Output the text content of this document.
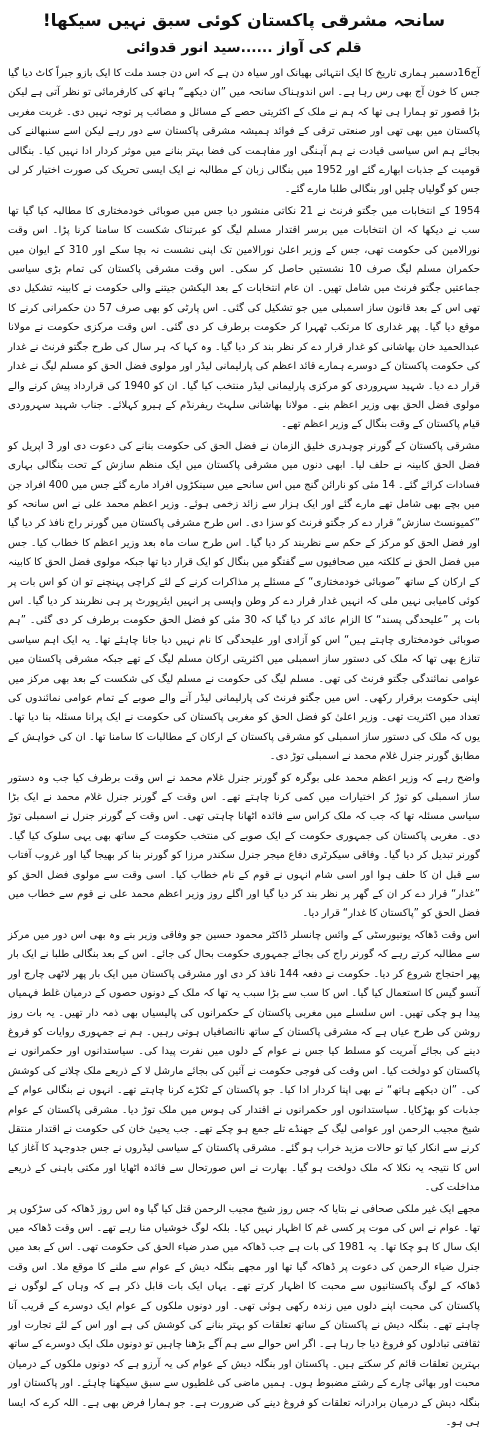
سانحہ مشرقی پاکستان کوئی سبق نہیں سیکھا!
قلم کی آواز ......سید انور قدوائی

آج16دسمبر ہماری تاریخ کا ایک انتہائی بھیانک اور سیاہ دن ہے کہ اس دن جسد ملت کا ایک بازو جبراً کاٹ دیا گیا جس کا خون آج بھی رس رہا ہے۔ اس اندوہناک سانحہ میں ”ان دیکھے“ ہاتھ کی کارفرمائی تو نظر آتی ہے لیکن بڑا قصور تو ہمارا ہی تھا کہ ہم نے ملک کے اکثریتی حصے کے مسائل و مصائب پر توجہ نہیں دی۔ غربت مغربی پاکستان میں بھی تھی اور صنعتی ترقی کے فوائد ہمیشہ مشرقی پاکستان سے دور رہے لیکن اسے سنبھالنے کی بجائے ہم اس سیاسی قیادت نے ہم آہنگی اور مفاہمت کی فضا بہتر بنانے میں موثر کردار ادا نہیں کیا۔ بنگالی قومیت کے جذبات ابھارے گئے اور 1952 میں بنگالی زبان کے مطالبہ نے ایک ایسی تحریک کی صورت اختیار کر لی جس کو گولیاں چلیں اور بنگالی طلبا مارے گئے۔

1954 کے انتخابات میں جگتو فرنٹ نے 21 نکاتی منشور دیا جس میں صوبائی خودمختاری کا مطالبہ کیا گیا تھا سب نے دیکھا کہ ان انتخابات میں برسر اقتدار مسلم لیگ کو عبرتناک شکست کا سامنا کرنا پڑا۔ اس وقت نورالامین کی حکومت تھی، جس کے وزیر اعلیٰ نورالامین تک اپنی نشست نہ بچا سکے اور 310 کے ایوان میں حکمران مسلم لیگ صرف 10 نشستیں حاصل کر سکی۔ اس وقت مشرقی پاکستان کی تمام بڑی سیاسی جماعتیں جگتو فرنٹ میں شامل تھیں۔ ان عام انتخابات کے بعد الیکشن جیتنے والی حکومت نے کابینہ تشکیل دی تھی اس کے بعد قانون ساز اسمبلی میں جو تشکیل کی گئی۔ اس پارٹی کو بھی صرف 57 دن حکمرانی کرنے کا موقع دیا گیا۔ پھر غداری کا مرتکب ٹھہرا کر حکومت برطرف کر دی گئی۔ اس وقت مرکزی حکومت نے مولانا عبدالحمید خان بھاشانی کو غدار قرار دے کر نظر بند کر دیا گیا۔ وہ کہا کہ ہر سال کی طرح جگتو فرنٹ نے غدار کی حکومت پاکستان کے دوسرے ہمارے قائد اعظم کی پارلیمانی لیڈر اور مولوی فضل الحق کو مسلم لیگ نے غدار قرار دے دیا۔ شہید سہروردی کو مرکزی پارلیمانی لیڈر منتخب کیا گیا۔ ان کو 1940 کی قرارداد پیش کرنے والے مولوی فضل الحق بھی وزیر اعظم بنے۔ مولانا بھاشانی سلہٹ ریفرنڈم کے ہیرو کہلائے۔ جناب شہید سہروردی قیام پاکستان کے وقت بنگال کے وزیر اعظم تھے۔

مشرقی پاکستان کے گورنر چوہدری خلیق الزمان نے فضل الحق کی حکومت بنانے کی دعوت دی اور 3 اپریل کو فضل الحق کابینہ نے حلف لیا۔ ابھی دنوں میں مشرقی پاکستان میں ایک منظم سازش کے تحت بنگالی بہاری فسادات کرائے گئے۔ 14 مئی کو نارائن گنج میں اس سانحے میں سینکڑوں افراد مارے گئے جس میں 400 افراد جن میں بچے بھی شامل تھے مارے گئے اور ایک ہزار سے زائد زخمی ہوئے۔ وزیر اعظم محمد علی نے اس سانحہ کو ”کمیونسٹ سازش“ قرار دے کر جگتو فرنٹ کو سزا دی۔ اس طرح مشرقی پاکستان میں گورنر راج نافذ کر دیا گیا اور فضل الحق کو مرکز کے حکم سے نظربند کر دیا گیا۔ اس طرح سات ماہ بعد وزیر اعظم کا خطاب کیا۔ جس میں فضل الحق نے کلکتہ میں صحافیوں سے گفتگو میں بنگال کو ایک قرار دیا تھا جبکہ مولوی فضل الحق کا کابینہ کے ارکان کے ساتھ ”صوبائی خودمختاری“ کے مسئلے پر مذاکرات کرنے کے لئے کراچی پہنچنے تو ان کو اس بات پر کوئی کامیابی نہیں ملی کہ انہیں غدار قرار دے کر وطن واپسی پر انہیں ایئرپورٹ پر ہی نظربند کر دیا گیا۔ اس بات پر ”علیحدگی پسند“ کا الزام عائد کر دیا گیا کہ 30 مئی کو فضل الحق حکومت برطرف کر دی گئی۔ ”ہم صوبائی خودمختاری چاہتے ہیں“ اس کو آزادی اور علیحدگی کا نام نہیں دیا جانا چاہئے تھا۔ یہ ایک اہم سیاسی تنازع بھی تھا کہ ملک کی دستور ساز اسمبلی میں اکثریتی ارکان مسلم لیگ کے تھے جبکہ مشرقی پاکستان میں عوامی نمائندگی جگتو فرنٹ کی تھی۔ مسلم لیگ کی حکومت نے مسلم لیگ کی شکست کے بعد بھی مرکز میں اپنی حکومت برقرار رکھی۔ اس میں جگتو فرنٹ کی پارلیمانی لیڈر آنے والے صوبے کے تمام عوامی نمائندوں کی تعداد میں اکثریت تھی۔ وزیر اعلیٰ کو فضل الحق کو مغربی پاکستان کی حکومت نے ایک پرانا مسئلہ بنا دیا تھا۔ یوں کہ ملک کی دستور ساز اسمبلی کو مشرقی پاکستان کے ارکان کے مطالبات کا سامنا تھا۔ ان کی خواہش کے مطابق گورنر جنرل غلام محمد نے اسمبلی توڑ دی۔

واضح رہے کہ وزیر اعظم محمد علی بوگرہ کو گورنر جنرل غلام محمد نے اس وقت برطرف کیا جب وہ دستور ساز اسمبلی کو توڑ کر اختیارات میں کمی کرنا چاہتے تھے۔ اس وقت کے گورنر جنرل غلام محمد نے ایک بڑا سیاسی مسئلہ تھا کہ جب کہ ملک کراس سے فائدہ اٹھانا چاہتی تھی۔ اس وقت کے گورنر جنرل نے اسمبلی توڑ دی۔ مغربی پاکستان کی جمہوری حکومت کے ایک صوبے کی منتخب حکومت کے ساتھ بھی یہی سلوک کیا گیا۔ گورنر تبدیل کر دیا گیا۔ وفاقی سیکرٹری دفاع میجر جنرل سکندر مرزا کو گورنر بنا کر بھیجا گیا اور غروب آفتاب سے قبل ان کا حلف ہوا اور اسی شام انہوں نے قوم کے نام خطاب کیا۔ اسی وقت سے مولوی فضل الحق کو ”غدار“ قرار دے کر ان کے گھر پر نظر بند کر دیا گیا اور اگلے روز وزیر اعظم محمد علی نے قوم سے خطاب میں فضل الحق کو ”پاکستان کا غدار“ قرار دیا۔

اس وقت ڈھاکہ یونیورسٹی کے وائس چانسلر ڈاکٹر محمود حسین جو وفاقی وزیر بنے وہ بھی اس دور میں مرکز سے مطالبہ کرتے رہے کہ گورنر راج کی بجائے جمہوری حکومت بحال کی جائے۔ اس کے بعد بنگالی طلبا نے ایک بار پھر احتجاج شروع کر دیا۔ حکومت نے دفعہ 144 نافذ کر دی اور مشرقی پاکستان میں ایک بار پھر لاٹھی چارج اور آنسو گیس کا استعمال کیا گیا۔ اس کا سب سے بڑا سبب یہ تھا کہ ملک کے دونوں حصوں کے درمیان غلط فہمیاں پیدا ہو چکی تھیں۔ اس سلسلے میں مغربی پاکستان کے حکمرانوں کی پالیسیاں بھی ذمہ دار تھیں۔ یہ بات روز روشن کی طرح عیاں ہے کہ مشرقی پاکستان کے ساتھ ناانصافیاں ہوتی رہیں۔ ہم نے جمہوری روایات کو فروغ دینے کی بجائے آمریت کو مسلط کیا جس نے عوام کے دلوں میں نفرت پیدا کی۔ سیاستدانوں اور حکمرانوں نے پاکستان کو دولخت کیا۔ اس وقت کی فوجی حکومت نے آئین کی بجائے مارشل لا کے ذریعے ملک چلانے کی کوشش کی۔ ”ان دیکھے ہاتھ“ نے بھی اپنا کردار ادا کیا۔ جو پاکستان کے ٹکڑے کرنا چاہتے تھے۔ انہوں نے بنگالی عوام کے جذبات کو بھڑکایا۔ سیاستدانوں اور حکمرانوں نے اقتدار کی ہوس میں ملک توڑ دیا۔ مشرقی پاکستان کے عوام شیخ مجیب الرحمن اور عوامی لیگ کے جھنڈے تلے جمع ہو چکے تھے۔ جب یحییٰ خان کی حکومت نے اقتدار منتقل کرنے سے انکار کیا تو حالات مزید خراب ہو گئے۔ مشرقی پاکستان کے سیاسی لیڈروں نے جس جدوجہد کا آغاز کیا اس کا نتیجہ یہ نکلا کہ ملک دولخت ہو گیا۔ بھارت نے اس صورتحال سے فائدہ اٹھایا اور مکتی باہنی کے ذریعے مداخلت کی۔

مجھے ایک غیر ملکی صحافی نے بتایا کہ جس روز شیخ مجیب الرحمن قتل کیا گیا وہ اس روز ڈھاکہ کی سڑکوں پر تھا۔ عوام نے اس کی موت پر کسی غم کا اظہار نہیں کیا۔ بلکہ لوگ خوشیاں منا رہے تھے۔ اس وقت ڈھاکہ میں ایک سال کا ہو چکا تھا۔ یہ 1981 کی بات ہے جب ڈھاکہ میں صدر ضیاء الحق کی حکومت تھی۔ اس کے بعد میں جنرل ضیاء الرحمن کی دعوت پر ڈھاکہ گیا تھا اور مجھے بنگلہ دیش کے عوام سے ملنے کا موقع ملا۔ اس وقت ڈھاکہ کے لوگ پاکستانیوں سے محبت کا اظہار کرتے تھے۔ یہاں ایک بات قابل ذکر ہے کہ وہاں کے لوگوں نے پاکستان کی محبت اپنے دلوں میں زندہ رکھی ہوئی تھی۔ اور دونوں ملکوں کے عوام ایک دوسرے کے قریب آنا چاہتے تھے۔ بنگلہ دیش نے پاکستان کے ساتھ تعلقات کو بہتر بنانے کی کوشش کی ہے اور اس کے لئے تجارت اور ثقافتی تبادلوں کو فروغ دیا جا رہا ہے۔ اگر اس حوالے سے ہم آگے بڑھنا چاہیں تو دونوں ملک ایک دوسرے کے ساتھ بہترین تعلقات قائم کر سکتے ہیں۔ پاکستان اور بنگلہ دیش کے عوام کی یہ آرزو ہے کہ دونوں ملکوں کے درمیان محبت اور بھائی چارے کے رشتے مضبوط ہوں۔ ہمیں ماضی کی غلطیوں سے سبق سیکھنا چاہئے۔ اور پاکستان اور بنگلہ دیش کے درمیان برادرانہ تعلقات کو فروغ دینے کی ضرورت ہے۔ جو ہمارا فرض بھی ہے۔ اللہ کرے کہ ایسا ہی ہو۔
